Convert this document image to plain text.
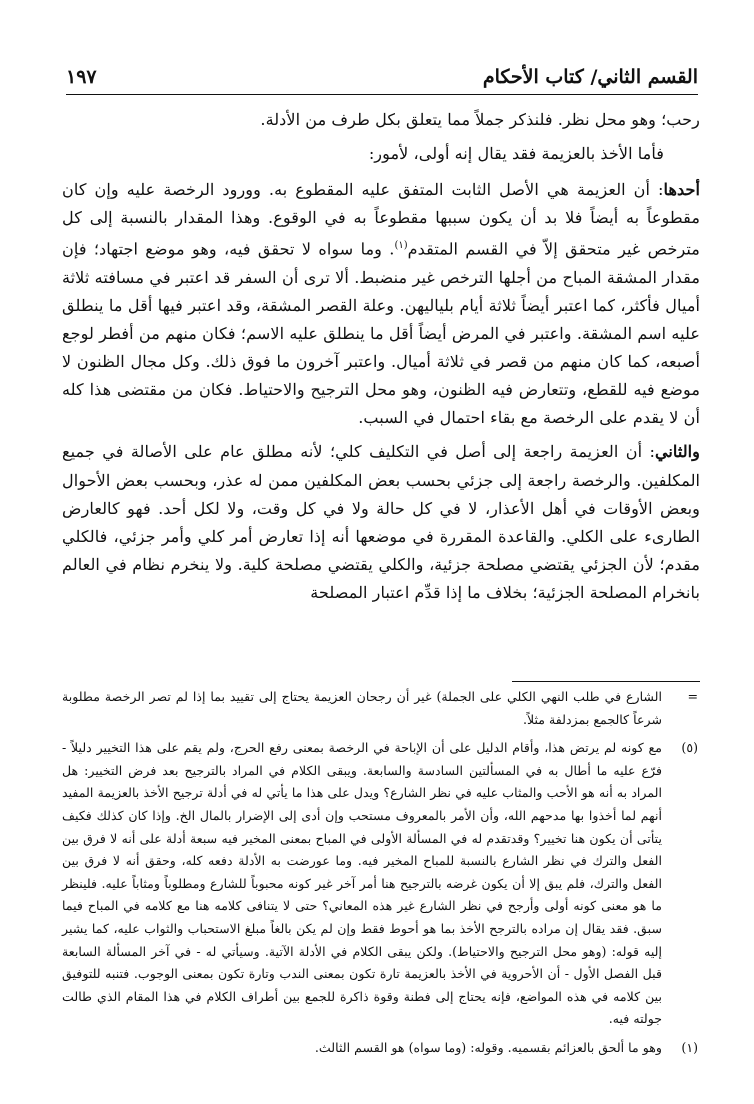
القسم الثاني/ كتاب الأحكام
١٩٧

رحب؛ وهو محل نظر. فلنذكر جملاً مما يتعلق بكل طرف من الأدلة.

فأما الأخذ بالعزيمة فقد يقال إنه أولى، لأمور:

أحدها: أن العزيمة هي الأصل الثابت المتفق عليه المقطوع به. وورود الرخصة عليه وإن كان مقطوعاً به أيضاً فلا بد أن يكون سببها مقطوعاً به في الوقوع. وهذا المقدار بالنسبة إلى كل مترخص غير متحقق إلاّ في القسم المتقدم$^{(١)}$. وما سواه لا تحقق فيه، وهو موضع اجتهاد؛ فإن مقدار المشقة المباح من أجلها الترخص غير منضبط. ألا ترى أن السفر قد اعتبر في مسافته ثلاثة أميال فأكثر، كما اعتبر أيضاً ثلاثة أيام بلياليهن. وعلة القصر المشقة، وقد اعتبر فيها أقل ما ينطلق عليه اسم المشقة. واعتبر في المرض أيضاً أقل ما ينطلق عليه الاسم؛ فكان منهم من أفطر لوجع أصبعه، كما كان منهم من قصر في ثلاثة أميال. واعتبر آخرون ما فوق ذلك. وكل مجال الظنون لا موضع فيه للقطع، وتتعارض فيه الظنون، وهو محل الترجيح والاحتياط. فكان من مقتضى هذا كله أن لا يقدم على الرخصة مع بقاء احتمال في السبب.

والثاني: أن العزيمة راجعة إلى أصل في التكليف كلي؛ لأنه مطلق عام على الأصالة في جميع المكلفين. والرخصة راجعة إلى جزئي بحسب بعض المكلفين ممن له عذر، وبحسب بعض الأحوال وبعض الأوقات في أهل الأعذار، لا في كل حالة ولا في كل وقت، ولا لكل أحد. فهو كالعارض الطارىء على الكلي. والقاعدة المقررة في موضعها أنه إذا تعارض أمر كلي وأمر جزئي، فالكلي مقدم؛ لأن الجزئي يقتضي مصلحة جزئية، والكلي يقتضي مصلحة كلية. ولا ينخرم نظام في العالم بانخرام المصلحة الجزئية؛ بخلاف ما إذا قدِّم اعتبار المصلحة

=

الشارع في طلب النهي الكلي على الجملة) غير أن رجحان العزيمة يحتاج إلى تقييد بما إذا لم تصر الرخصة مطلوبة شرعاً كالجمع بمزدلفة مثلاً.

(٥)

مع كونه لم يرتض هذا، وأقام الدليل على أن الإباحة في الرخصة بمعنى رفع الحرج، ولم يقم على هذا التخيير دليلاً - فرّع عليه ما أطال به في المسألتين السادسة والسابعة. ويبقى الكلام في المراد بالترجيح بعد فرض التخيير: هل المراد به أنه هو الأحب والمثاب عليه في نظر الشارع؟ ويدل على هذا ما يأتي له في أدلة ترجيح الأخذ بالعزيمة المفيد أنهم لما أخذوا بها مدحهم الله، وأن الأمر بالمعروف مستحب وإن أدى إلى الإضرار بالمال الخ. وإذا كان كذلك فكيف يتأتى أن يكون هنا تخيير؟ وقدتقدم له في المسألة الأولى في المباح بمعنى المخير فيه سبعة أدلة على أنه لا فرق بين الفعل والترك في نظر الشارع بالنسبة للمباح المخير فيه. وما عورضت به الأدلة دفعه كله، وحقق أنه لا فرق بين الفعل والترك، فلم يبق إلا أن يكون غرضه بالترجيح هنا أمر آخر غير كونه محبوباً للشارع ومطلوباً ومثاباً عليه. فلينظر ما هو معنى كونه أولى وأرجح في نظر الشارع غير هذه المعاني؟ حتى لا يتنافى كلامه هنا مع كلامه في المباح فيما سبق. فقد يقال إن مراده بالترجح الأخذ بما هو أحوط فقط وإن لم يكن بالغاً مبلغ الاستحباب والثواب عليه، كما يشير إليه قوله: (وهو محل الترجيح والاحتياط). ولكن يبقى الكلام في الأدلة الآتية. وسيأتي له - في آخر المسألة السابعة قبل الفصل الأول - أن الأحروية في الأخذ بالعزيمة تارة تكون بمعنى الندب وتارة تكون بمعنى الوجوب. فتنبه للتوفيق بين كلامه في هذه المواضع، فإنه يحتاج إلى فطنة وقوة ذاكرة للجمع بين أطراف الكلام في هذا المقام الذي طالت جولته فيه.

(١)

وهو ما ألحق بالعزائم بقسميه. وقوله: (وما سواه) هو القسم الثالث.
